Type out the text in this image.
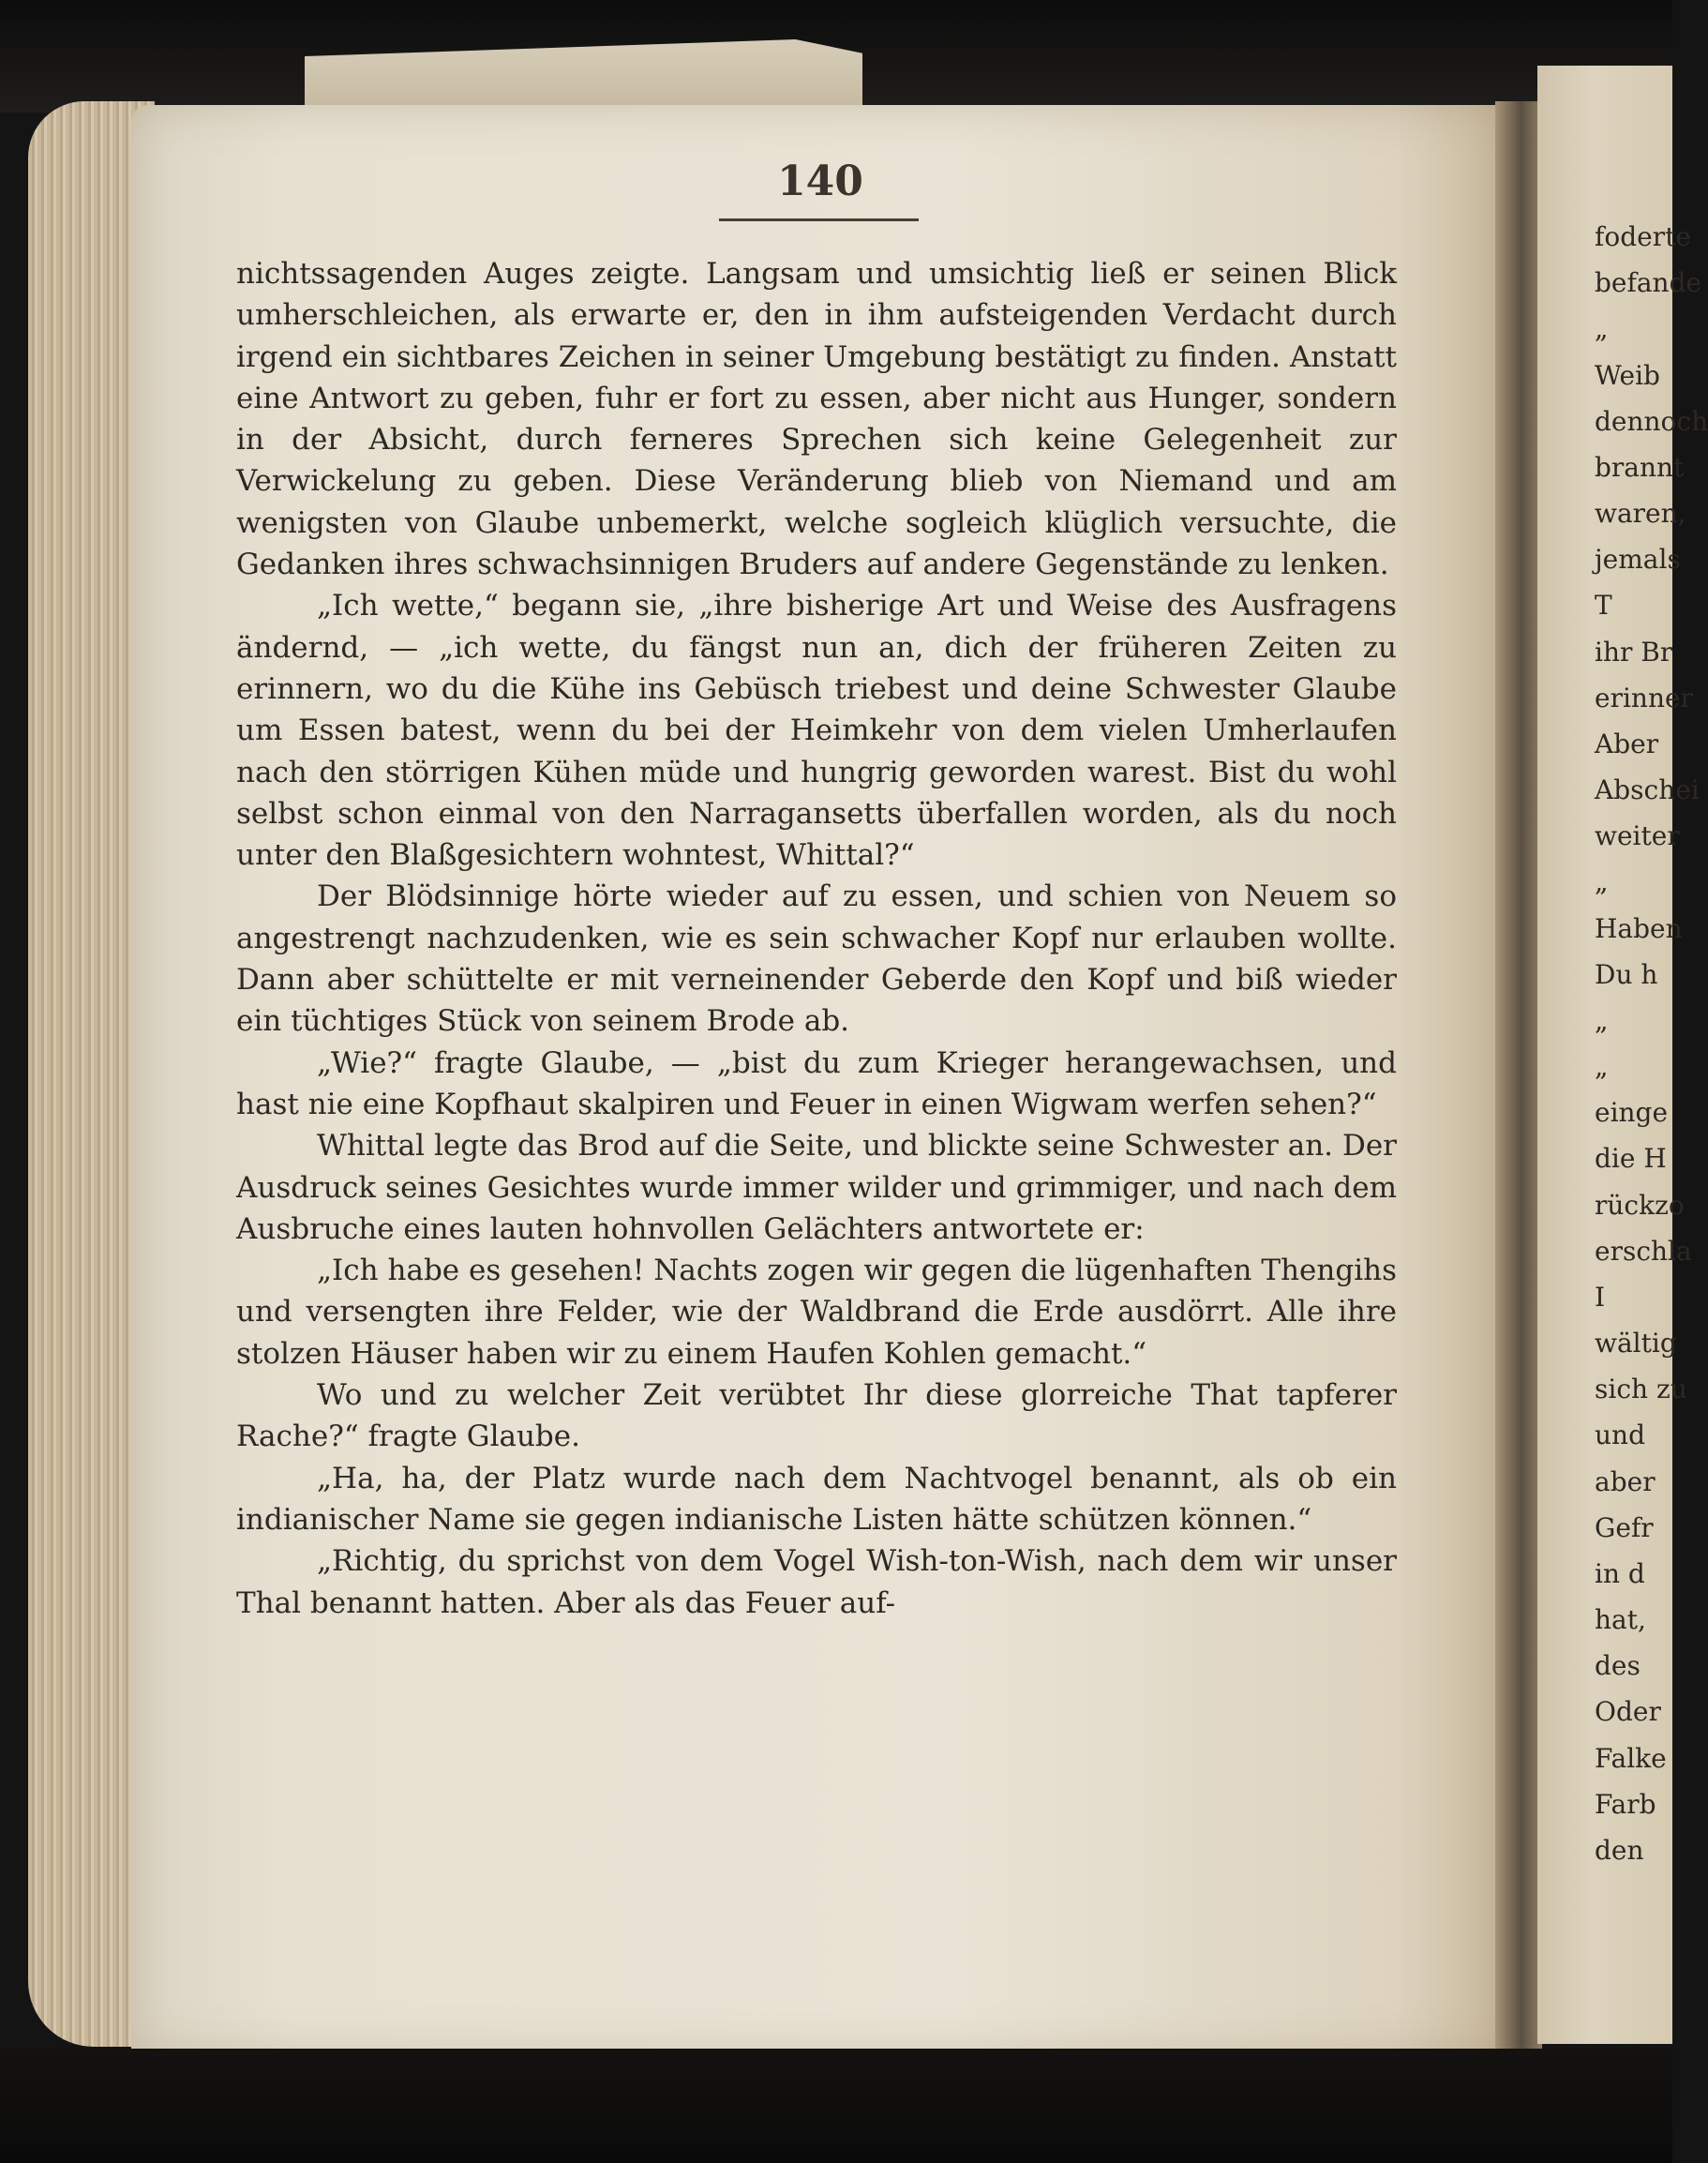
140

nichtssagenden Auges zeigte. Langsam und umsichtig ließ er seinen Blick umherschleichen, als erwarte er, den in ihm aufsteigenden Verdacht durch irgend ein sichtbares Zeichen in seiner Umgebung bestätigt zu finden. Anstatt eine Antwort zu geben, fuhr er fort zu essen, aber nicht aus Hunger, sondern in der Absicht, durch ferneres Sprechen sich keine Gelegenheit zur Verwickelung zu geben. Diese Veränderung blieb von Niemand und am wenigsten von Glaube unbemerkt, welche sogleich klüglich versuchte, die Gedanken ihres schwachsinnigen Bruders auf andere Gegenstände zu lenken.

„Ich wette,“ begann sie, „ihre bisherige Art und Weise des Ausfragens ändernd, — „ich wette, du fängst nun an, dich der früheren Zeiten zu erinnern, wo du die Kühe ins Gebüsch triebest und deine Schwester Glaube um Essen batest, wenn du bei der Heimkehr von dem vielen Umherlaufen nach den störrigen Kühen müde und hungrig geworden warest. Bist du wohl selbst schon einmal von den Narragansetts überfallen worden, als du noch unter den Blaßgesichtern wohntest, Whittal?“

Der Blödsinnige hörte wieder auf zu essen, und schien von Neuem so angestrengt nachzudenken, wie es sein schwacher Kopf nur erlauben wollte. Dann aber schüttelte er mit verneinender Geberde den Kopf und biß wieder ein tüchtiges Stück von seinem Brode ab.

„Wie?“ fragte Glaube, — „bist du zum Krieger herangewachsen, und hast nie eine Kopfhaut skalpiren und Feuer in einen Wigwam werfen sehen?“

Whittal legte das Brod auf die Seite, und blickte seine Schwester an. Der Ausdruck seines Gesichtes wurde immer wilder und grimmiger, und nach dem Ausbruche eines lauten hohnvollen Gelächters antwortete er:

„Ich habe es gesehen! Nachts zogen wir gegen die lügenhaften Thengihs und versengten ihre Felder, wie der Waldbrand die Erde ausdörrt. Alle ihre stolzen Häuser haben wir zu einem Haufen Kohlen gemacht.“

Wo und zu welcher Zeit verübtet Ihr diese glorreiche That tapferer Rache?“ fragte Glaube.

„Ha, ha, der Platz wurde nach dem Nachtvogel benannt, als ob ein indianischer Name sie gegen indianische Listen hätte schützen können.“

„Richtig, du sprichst von dem Vogel Wish-ton-Wish, nach dem wir unser Thal benannt hatten. Aber als das Feuer auf-

foderte
befande
„
Weib
dennoch
brannt
waren,
jemals
T
ihr Br
erinner
Aber
Abschei
weiter
„
Haben
Du h
„
„
einge
die H
rückzo
erschla
I
wältig
sich zu
und
aber
Gefr
in d
hat,
des
Oder
Falke
Farb
den
